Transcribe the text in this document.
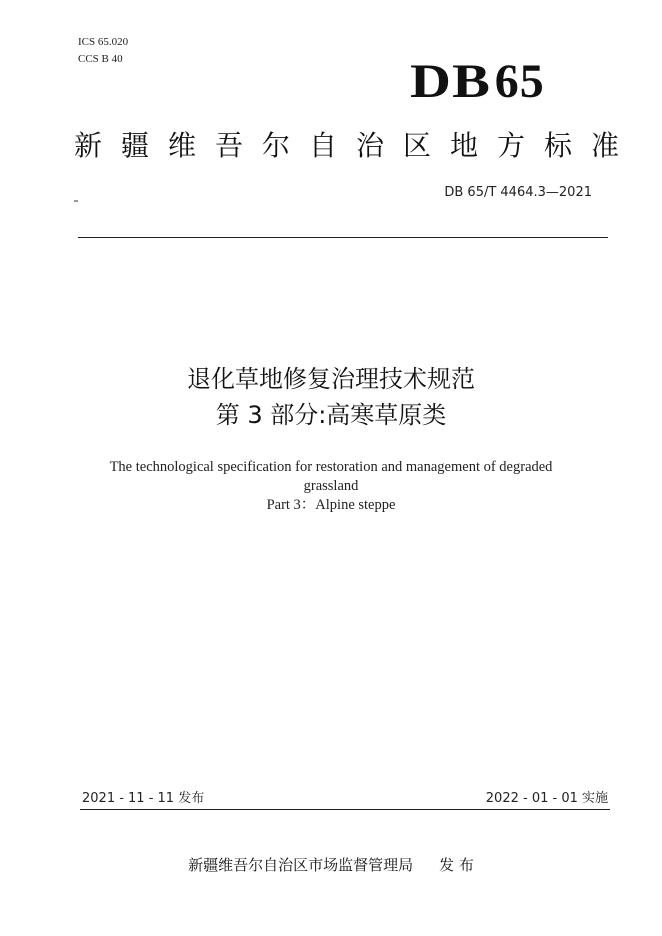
ICS 65.020
CCS B 40	DB65
新疆维吾尔自治区地方标准
DB 65/T 4464.3—2021
退化草地修复治理技术规范
第 3 部分:高寒草原类
The technological specification for restoration and management of degraded
grassland
Part 3：Alpine steppe
2021 - 11 - 11 发布	2022 - 01 - 01 实施
新疆维吾尔自治区市场监督管理局 发 布
